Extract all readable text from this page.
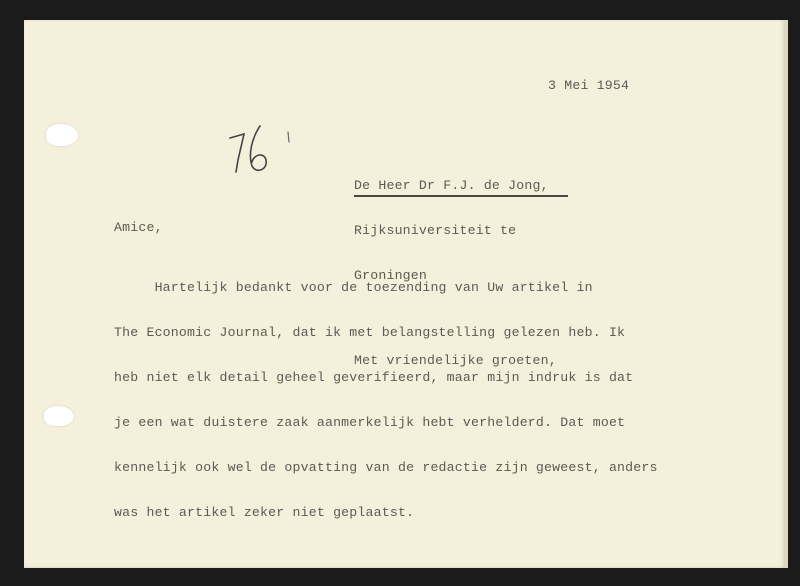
3 Mei 1954

De Heer Dr F.J. de Jong,

Rijksuniversiteit te

Groningen

Amice,

Hartelijk bedankt voor de toezending van Uw artikel in

The Economic Journal, dat ik met belangstelling gelezen heb. Ik

heb niet elk detail geheel geverifieerd, maar mijn indruk is dat

je een wat duistere zaak aanmerkelijk hebt verhelderd. Dat moet

kennelijk ook wel de opvatting van de redactie zijn geweest, anders

was het artikel zeker niet geplaatst.

Met vriendelijke groeten,
